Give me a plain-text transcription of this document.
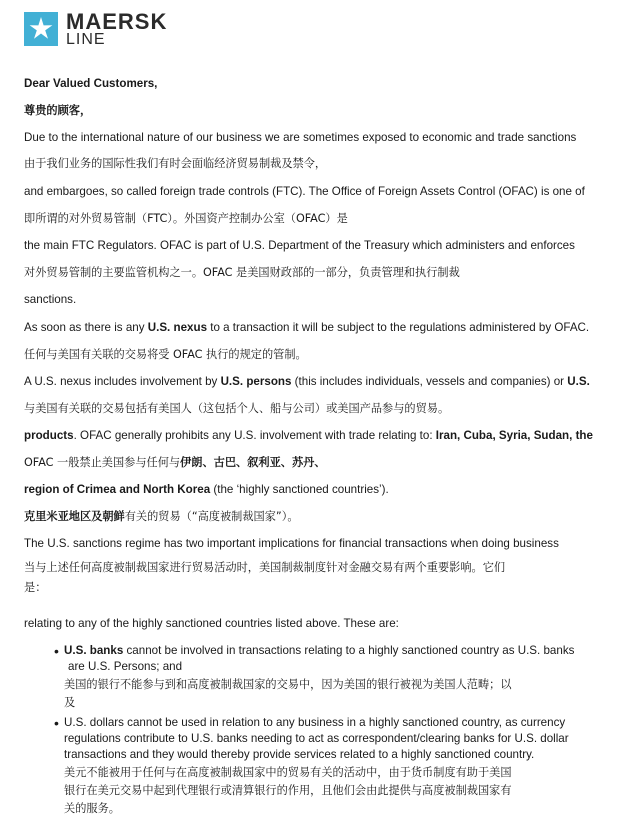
MAERSK
LINE
Dear Valued Customers,
尊贵的顾客，
Due to the international nature of our business we are sometimes exposed to economic and trade sanctions
由于我们业务的国际性我们有时会面临经济贸易制裁及禁令，
and embargoes, so called foreign trade controls (FTC). The Office of Foreign Assets Control (OFAC) is one of
即所谓的对外贸易管制（FTC）。外国资产控制办公室（OFAC）是
the main FTC Regulators. OFAC is part of U.S. Department of the Treasury which administers and enforces
对外贸易管制的主要监管机构之一。OFAC 是美国财政部的一部分，负责管理和执行制裁
sanctions.
As soon as there is any U.S. nexus to a transaction it will be subject to the regulations administered by OFAC.
任何与美国有关联的交易将受 OFAC 执行的规定的管制。
A U.S. nexus includes involvement by U.S. persons (this includes individuals, vessels and companies) or U.S.
与美国有关联的交易包括有美国人（这包括个人、船与公司）或美国产品参与的贸易。
products. OFAC generally prohibits any U.S. involvement with trade relating to: Iran, Cuba, Syria, Sudan, the
OFAC 一般禁止美国参与任何与伊朗、古巴、叙利亚、苏丹、
region of Crimea and North Korea (the ‘highly sanctioned countries’).
克里米亚地区及朝鲜有关的贸易（“高度被制裁国家”）。
The U.S. sanctions regime has two important implications for financial transactions when doing business
当与上述任何高度被制裁国家进行贸易活动时，美国制裁制度针对金融交易有两个重要影响。它们
是：
relating to any of the highly sanctioned countries listed above. These are:
• U.S. banks cannot be involved in transactions relating to a highly sanctioned country as U.S. banks
are U.S. Persons; and
美国的银行不能参与到和高度被制裁国家的交易中，因为美国的银行被视为美国人范畴；以
及
• U.S. dollars cannot be used in relation to any business in a highly sanctioned country, as currency
regulations contribute to U.S. banks needing to act as correspondent/clearing banks for U.S. dollar
transactions and they would thereby provide services related to a highly sanctioned country.
美元不能被用于任何与在高度被制裁国家中的贸易有关的活动中，由于货币制度有助于美国
银行在美元交易中起到代理银行或清算银行的作用，且他们会由此提供与高度被制裁国家有
关的服务。
